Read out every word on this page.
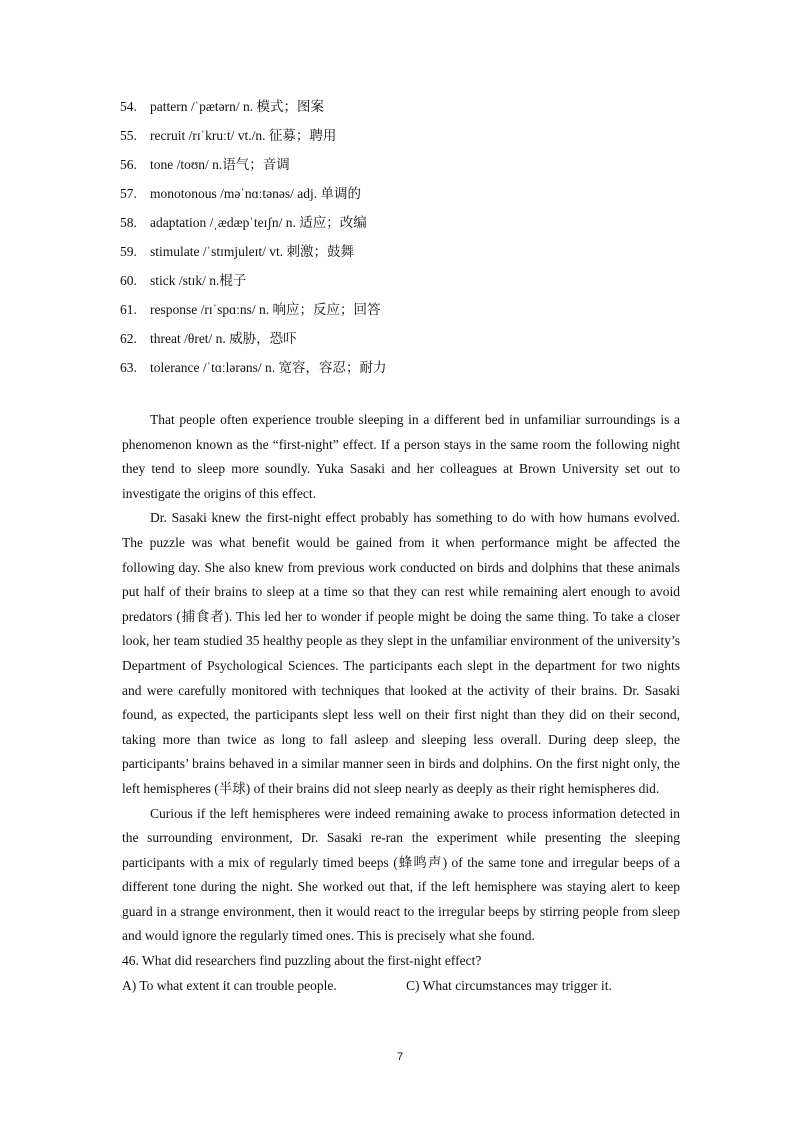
54. pattern /ˈpætərn/ n. 模式；图案
55. recruit /rɪˈkruːt/ vt./n. 征募；聘用
56. tone /toʊn/ n.语气；音调
57. monotonous /məˈnɑːtənəs/ adj. 单调的
58. adaptation /ˌædæpˈteɪʃn/ n. 适应；改编
59. stimulate /ˈstɪmjuleɪt/ vt. 刺激；鼓舞
60. stick /stɪk/ n.棍子
61. response /rɪˈspɑːns/ n. 响应；反应；回答
62. threat /θret/ n. 威胁，恐吓
63. tolerance /ˈtɑːlərəns/ n. 宽容，容忍；耐力

That people often experience trouble sleeping in a different bed in unfamiliar surroundings is a phenomenon known as the “first-night” effect. If a person stays in the same room the following night they tend to sleep more soundly. Yuka Sasaki and her colleagues at Brown University set out to investigate the origins of this effect.

Dr. Sasaki knew the first-night effect probably has something to do with how humans evolved. The puzzle was what benefit would be gained from it when performance might be affected the following day. She also knew from previous work conducted on birds and dolphins that these animals put half of their brains to sleep at a time so that they can rest while remaining alert enough to avoid predators (捕食者). This led her to wonder if people might be doing the same thing. To take a closer look, her team studied 35 healthy people as they slept in the unfamiliar environment of the university’s Department of Psychological Sciences. The participants each slept in the department for two nights and were carefully monitored with techniques that looked at the activity of their brains. Dr. Sasaki found, as expected, the participants slept less well on their first night than they did on their second, taking more than twice as long to fall asleep and sleeping less overall. During deep sleep, the participants’ brains behaved in a similar manner seen in birds and dolphins. On the first night only, the left hemispheres (半球) of their brains did not sleep nearly as deeply as their right hemispheres did.

Curious if the left hemispheres were indeed remaining awake to process information detected in the surrounding environment, Dr. Sasaki re-ran the experiment while presenting the sleeping participants with a mix of regularly timed beeps (蜂鸣声) of the same tone and irregular beeps of a different tone during the night. She worked out that, if the left hemisphere was staying alert to keep guard in a strange environment, then it would react to the irregular beeps by stirring people from sleep and would ignore the regularly timed ones. This is precisely what she found.

46. What did researchers find puzzling about the first-night effect?

A) To what extent it can trouble people.	C) What circumstances may trigger it.

7
